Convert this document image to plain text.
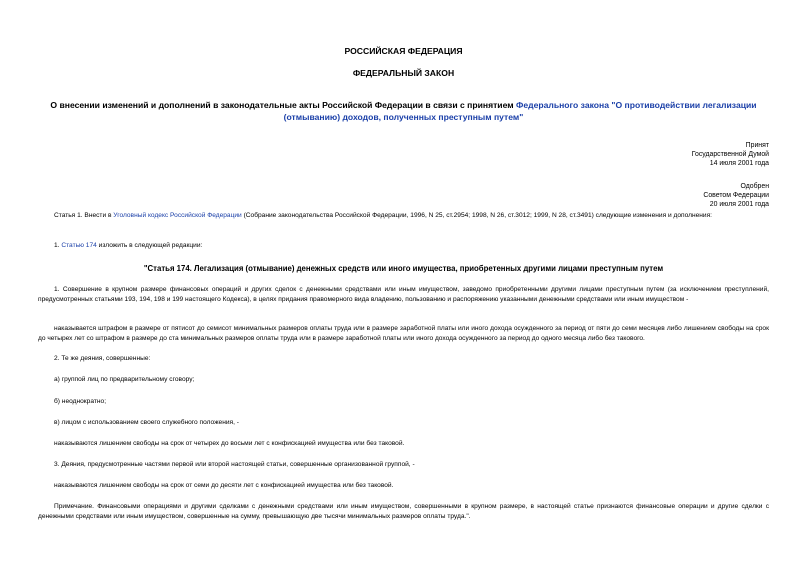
РОССИЙСКАЯ ФЕДЕРАЦИЯ
ФЕДЕРАЛЬНЫЙ ЗАКОН
О внесении изменений и дополнений в законодательные акты Российской Федерации в связи с принятием Федерального закона "О противодействии легализации
(отмыванию) доходов, полученных преступным путем"
Принят
Государственной Думой
14 июля 2001 года
Одобрен
Советом Федерации
20 июля 2001 года
Статья 1. Внести в Уголовный кодекс Российской Федерации (Собрание законодательства Российской Федерации, 1996, N 25, ст.2954; 1998, N 26, ст.3012; 1999, N 28, ст.3491) следующие изменения и дополнения:
1. Статью 174 изложить в следующей редакции:
"Статья 174. Легализация (отмывание) денежных средств или иного имущества, приобретенных другими лицами преступным путем
1. Совершение в крупном размере финансовых операций и других сделок с денежными средствами или иным имуществом, заведомо приобретенными другими лицами преступным путем (за исключением преступлений, предусмотренных статьями 193, 194, 198 и 199 настоящего Кодекса), в целях придания правомерного вида владению, пользованию и распоряжению указанными денежными средствами или иным имуществом -
наказывается штрафом в размере от пятисот до семисот минимальных размеров оплаты труда или в размере заработной платы или иного дохода осужденного за период от пяти до семи месяцев либо лишением свободы на срок до четырех лет со штрафом в размере до ста минимальных размеров оплаты труда или в размере заработной платы или иного дохода осужденного за период до одного месяца либо без такового.
2. Те же деяния, совершенные:
а) группой лиц по предварительному сговору;
б) неоднократно;
в) лицом с использованием своего служебного положения, -
наказываются лишением свободы на срок от четырех до восьми лет с конфискацией имущества или без таковой.
3. Деяния, предусмотренные частями первой или второй настоящей статьи, совершенные организованной группой, -
наказываются лишением свободы на срок от семи до десяти лет с конфискацией имущества или без таковой.
Примечание. Финансовыми операциями и другими сделками с денежными средствами или иным имуществом, совершенными в крупном размере, в настоящей статье признаются финансовые операции и другие сделки с денежными средствами или иным имуществом, совершенные на сумму, превышающую две тысячи минимальных размеров оплаты труда.".
